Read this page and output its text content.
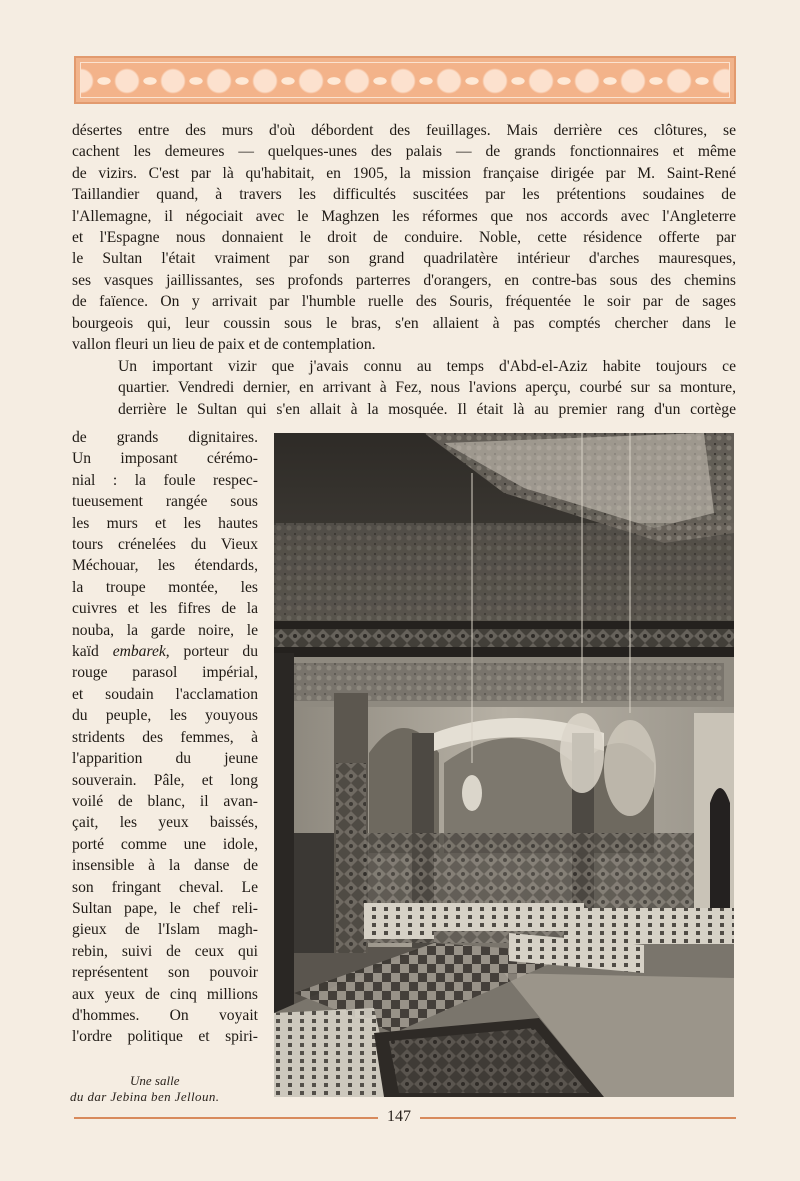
désertes entre des murs d'où débordent des feuillages. Mais derrière ces clôtures, se
cachent les demeures — quelques-unes des palais — de grands fonctionnaires et même
de vizirs. C'est par là qu'habitait, en 1905, la mission française dirigée par M. Saint-René
Taillandier quand, à travers les difficultés suscitées par les prétentions soudaines de
l'Allemagne, il négociait avec le Maghzen les réformes que nos accords avec l'Angleterre
et l'Espagne nous donnaient le droit de conduire. Noble, cette résidence offerte par
le Sultan l'était vraiment par son grand quadrilatère intérieur d'arches mauresques,
ses vasques jaillissantes, ses profonds parterres d'orangers, en contre-bas sous des chemins
de faïence. On y arrivait par l'humble ruelle des Souris, fréquentée le soir par de sages
bourgeois qui, leur coussin sous le bras, s'en allaient à pas comptés chercher dans le
vallon fleuri un lieu de paix et de contemplation.

Un important vizir que j'avais connu au temps d'Abd-el-Aziz habite toujours ce
quartier. Vendredi dernier, en arrivant à Fez, nous l'avions aperçu, courbé sur sa monture,
derrière le Sultan qui s'en allait à la mosquée. Il était là au premier rang d'un cortège

de grands dignitaires.
Un imposant cérémo-
nial : la foule respec-
tueusement rangée sous
les murs et les hautes
tours crénelées du Vieux
Méchouar, les étendards,
la troupe montée, les
cuivres et les fifres de la
nouba, la garde noire, le
kaïd embarek, porteur du
rouge parasol impérial,
et soudain l'acclamation
du peuple, les youyous
stridents des femmes, à
l'apparition du jeune
souverain. Pâle, et long
voilé de blanc, il avan-
çait, les yeux baissés,
porté comme une idole,
insensible à la danse de
son fringant cheval. Le
Sultan pape, le chef reli-
gieux de l'Islam magh-
rebin, suivi de ceux qui
représentent son pouvoir
aux yeux de cinq millions
d'hommes. On voyait
l'ordre politique et spiri-
Une salle
du dar Jebina ben Jelloun.
147
